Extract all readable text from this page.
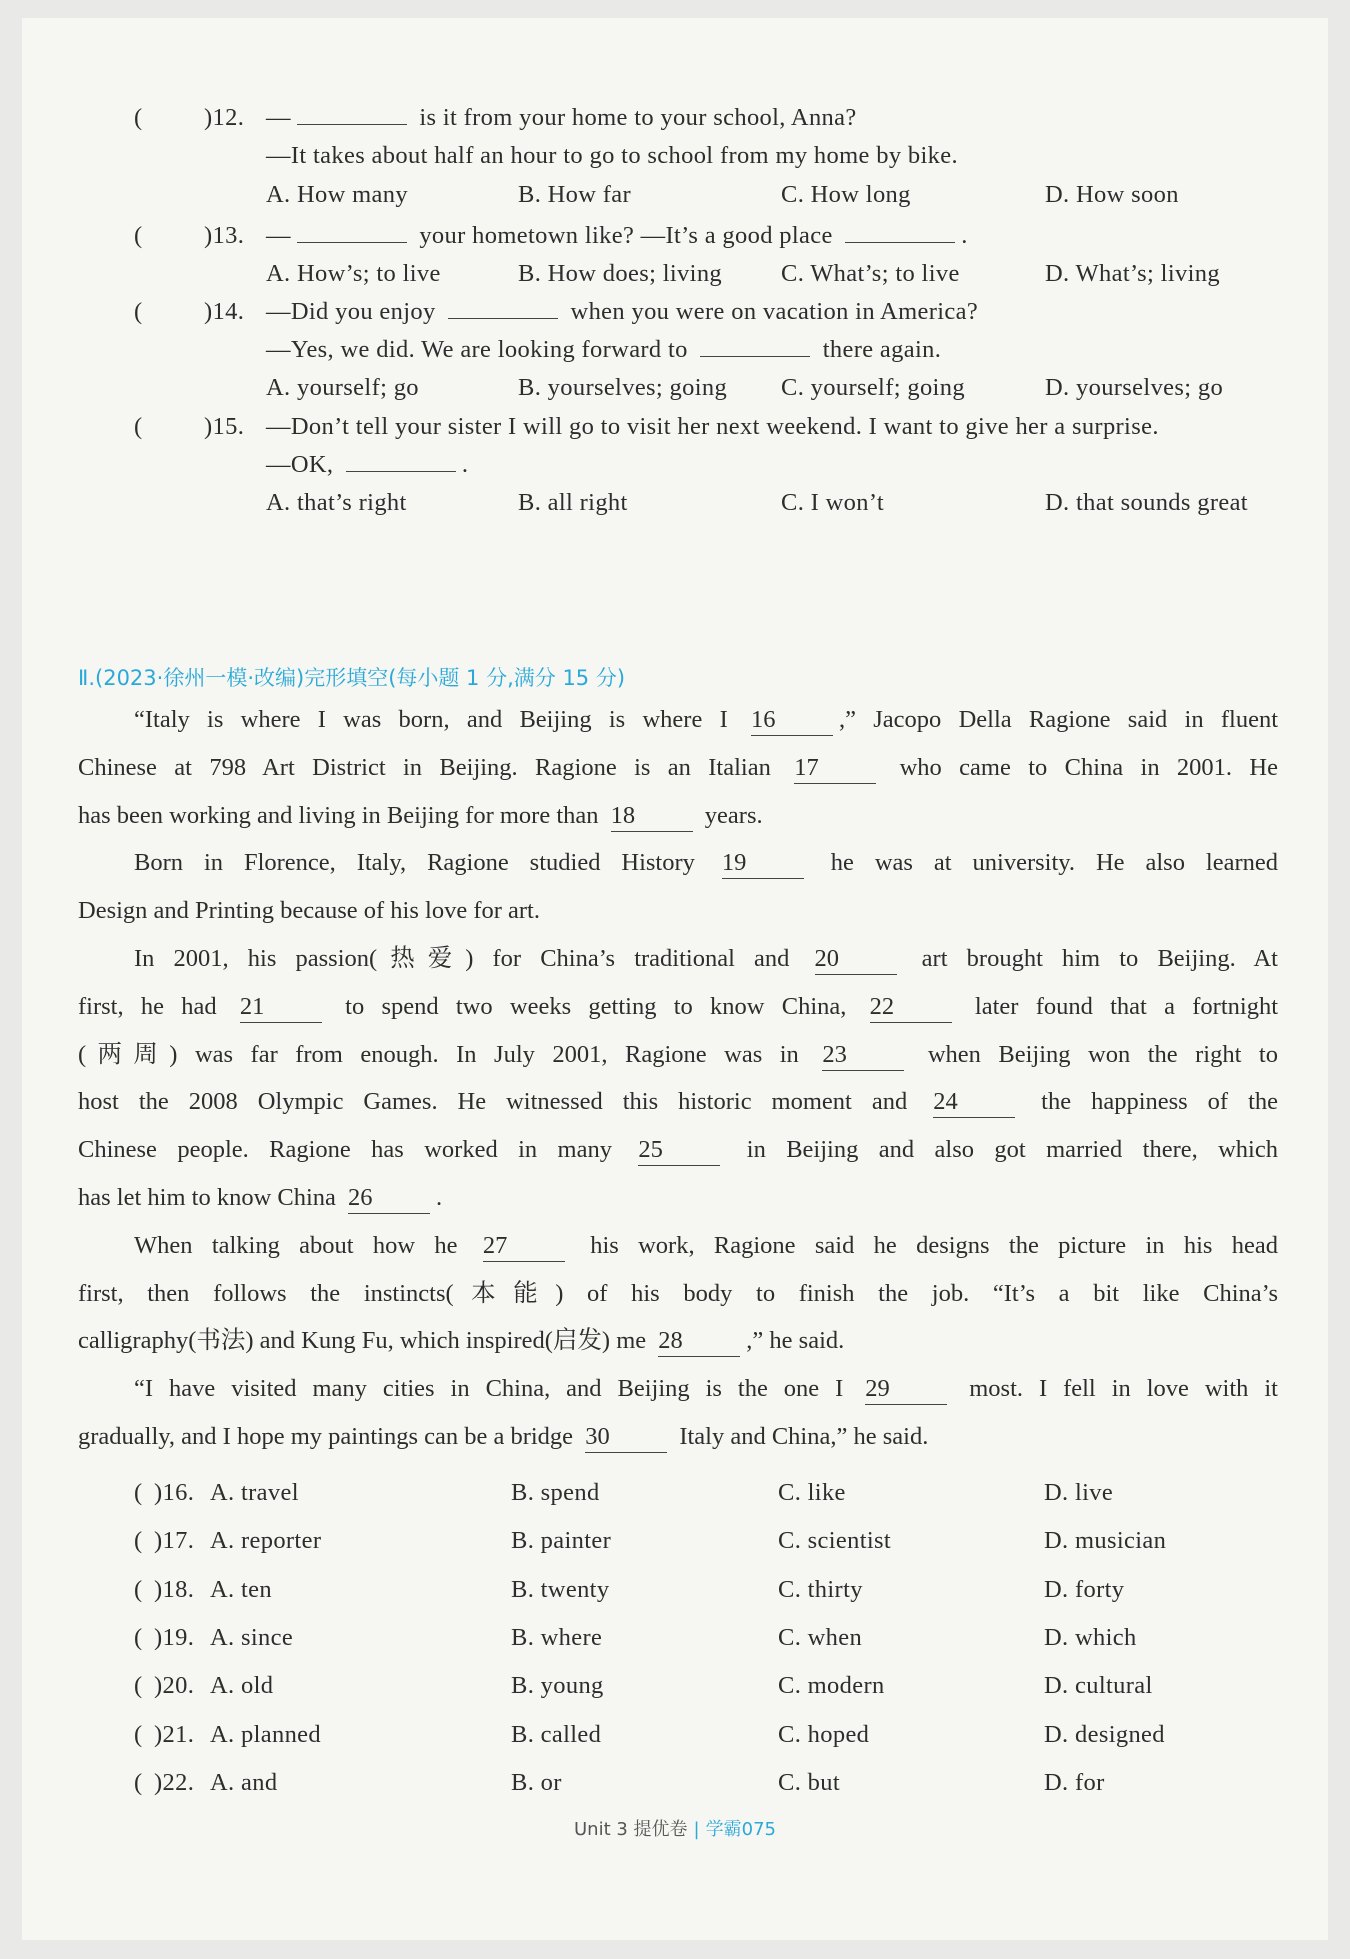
(	)12. —	is it from your home to your school, Anna?
—It takes about half an hour to go to school from my home by bike.
A. How many	B. How far	C. How long	D. How soon
(	)13. —	your hometown like? —It’s a good place	.
A. How’s; to live	B. How does; living C. What’s; to live	D. What’s; living
(	)14. —Did you enjoy	when you were on vacation in America?
—Yes, we did. We are looking forward to	there again.
A. yourself; go	B. yourselves; going C. yourself; going	D. yourselves; go
(	)15. —Don’t tell your sister I will go to visit her next weekend. I want to give her a surprise.
—OK,	.
A. that’s right	B. all right	C. I won’t	D. that sounds great
“Italy is where I was born, and Beijing is where I 16	,” Jacopo Della Ragione said in fluent
Chinese at 798 Art District in Beijing. Ragione is an Italian 17	who came to China in 2001. He
has been working and living in Beijing for more than 18	years.
Born in Florence, Italy, Ragione studied History 19	he was at university. He also learned
Design and Printing because of his love for art.
In 2001, his passion(热爱) for China’s traditional and 20	art brought him to Beijing. At
first, he had 21	to spend two weeks getting to know China, 22	later found that a fortnight
(两周) was far from enough. In July 2001, Ragione was in 23	when Beijing won the right to
host the 2008 Olympic Games. He witnessed this historic moment and 24	the happiness of the
Chinese people. Ragione has worked in many 25	in Beijing and also got married there, which
has let him to know China 26	.
When talking about how he 27	his work, Ragione said he designs the picture in his head
first, then follows the instincts(本能) of his body to finish the job. “It’s a bit like China’s
calligraphy(书法) and Kung Fu, which inspired(启发) me 28	,” he said.
“I have visited many cities in China, and Beijing is the one I 29	most. I fell in love with it
gradually, and I hope my paintings can be a bridge 30	Italy and China,” he said.
( )16. A. travel	B. spend	C. like	D. live
( )17. A. reporter	B. painter	C. scientist	D. musician
( )18. A. ten	B. twenty	C. thirty	D. forty
( )19. A. since	B. where	C. when	D. which
( )20. A. old	B. young	C. modern	D. cultural
( )21. A. planned	B. called	C. hoped	D. designed
( )22. A. and	B. or	C. but	D. for
Ⅱ.(2023·徐州一模·改编)完形填空(每小题 1 分,满分 15 分)
Unit 3 提优卷 | 学霸075
